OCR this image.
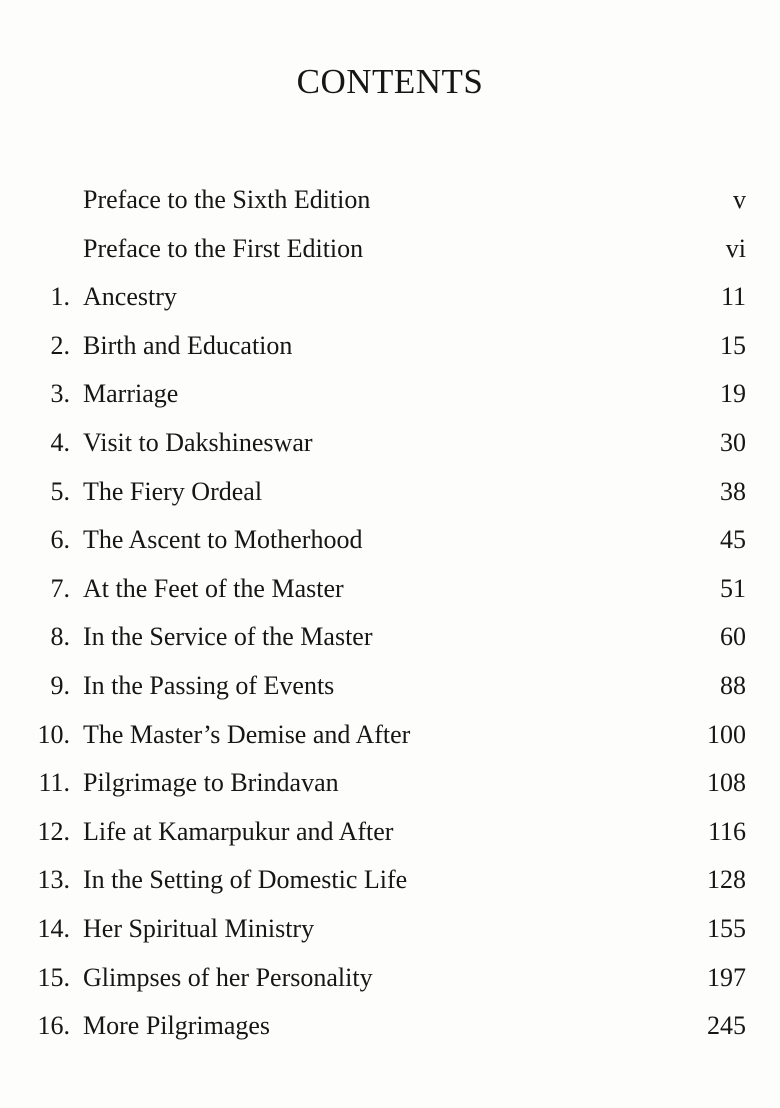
CONTENTS
Preface to the Sixth Edition	v
Preface to the First Edition	vi
1. Ancestry	11
2. Birth and Education	15
3. Marriage	19
4. Visit to Dakshineswar	30
5. The Fiery Ordeal	38
6. The Ascent to Motherhood	45
7. At the Feet of the Master	51
8. In the Service of the Master	60
9. In the Passing of Events	88
10. The Master’s Demise and After	100
11. Pilgrimage to Brindavan	108
12. Life at Kamarpukur and After	116
13. In the Setting of Domestic Life	128
14. Her Spiritual Ministry	155
15. Glimpses of her Personality	197
16. More Pilgrimages	245
